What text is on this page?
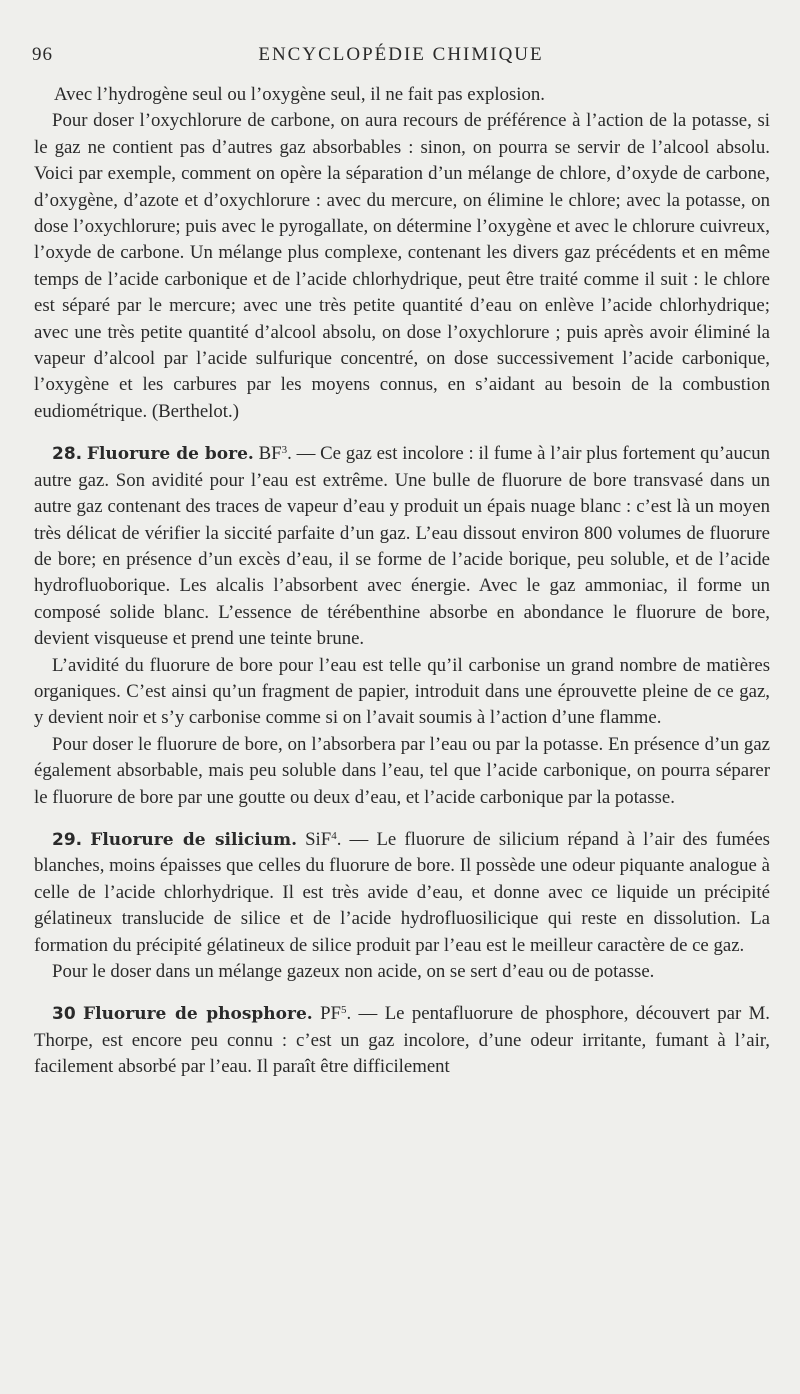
96	ENCYCLOPÉDIE CHIMIQUE

Avec l’hydrogène seul ou l’oxygène seul, il ne fait pas explosion.

Pour doser l’oxychlorure de carbone, on aura recours de préférence à l’action de la potasse, si le gaz ne contient pas d’autres gaz absorbables : sinon, on pourra se servir de l’alcool absolu. Voici par exemple, comment on opère la séparation d’un mélange de chlore, d’oxyde de carbone, d’oxygène, d’azote et d’oxychlorure : avec du mercure, on élimine le chlore; avec la potasse, on dose l’oxychlorure; puis avec le pyrogallate, on détermine l’oxygène et avec le chlorure cuivreux, l’oxyde de carbone. Un mélange plus complexe, contenant les divers gaz précédents et en même temps de l’acide carbonique et de l’acide chlorhydrique, peut être traité comme il suit : le chlore est séparé par le mercure; avec une très petite quantité d’eau on enlève l’acide chlorhydrique; avec une très petite quantité d’alcool absolu, on dose l’oxychlorure ; puis après avoir éliminé la vapeur d’alcool par l’acide sulfurique concentré, on dose successivement l’acide carbonique, l’oxygène et les carbures par les moyens connus, en s’aidant au besoin de la combustion eudiométrique. (Berthelot.)

28. Fluorure de bore. $BF^3$. — Ce gaz est incolore : il fume à l’air plus fortement qu’aucun autre gaz. Son avidité pour l’eau est extrême. Une bulle de fluorure de bore transvasé dans un autre gaz contenant des traces de vapeur d’eau y produit un épais nuage blanc : c’est là un moyen très délicat de vérifier la siccité parfaite d’un gaz. L’eau dissout environ 800 volumes de fluorure de bore; en présence d’un excès d’eau, il se forme de l’acide borique, peu soluble, et de l’acide hydrofluoborique. Les alcalis l’absorbent avec énergie. Avec le gaz ammoniac, il forme un composé solide blanc. L’essence de térébenthine absorbe en abondance le fluorure de bore, devient visqueuse et prend une teinte brune.

L’avidité du fluorure de bore pour l’eau est telle qu’il carbonise un grand nombre de matières organiques. C’est ainsi qu’un fragment de papier, introduit dans une éprouvette pleine de ce gaz, y devient noir et s’y carbonise comme si on l’avait soumis à l’action d’une flamme.

Pour doser le fluorure de bore, on l’absorbera par l’eau ou par la potasse. En présence d’un gaz également absorbable, mais peu soluble dans l’eau, tel que l’acide carbonique, on pourra séparer le fluorure de bore par une goutte ou deux d’eau, et l’acide carbonique par la potasse.

29. Fluorure de silicium. SiF$^4$. — Le fluorure de silicium répand à l’air des fumées blanches, moins épaisses que celles du fluorure de bore. Il possède une odeur piquante analogue à celle de l’acide chlorhydrique. Il est très avide d’eau, et donne avec ce liquide un précipité gélatineux translucide de silice et de l’acide hydrofluosilicique qui reste en dissolution. La formation du précipité gélatineux de silice produit par l’eau est le meilleur caractère de ce gaz.

Pour le doser dans un mélange gazeux non acide, on se sert d’eau ou de potasse.

30 Fluorure de phosphore. $PF^5$. — Le pentafluorure de phosphore, découvert par M. Thorpe, est encore peu connu : c’est un gaz incolore, d’une odeur irritante, fumant à l’air, facilement absorbé par l’eau. Il paraît être difficilement
